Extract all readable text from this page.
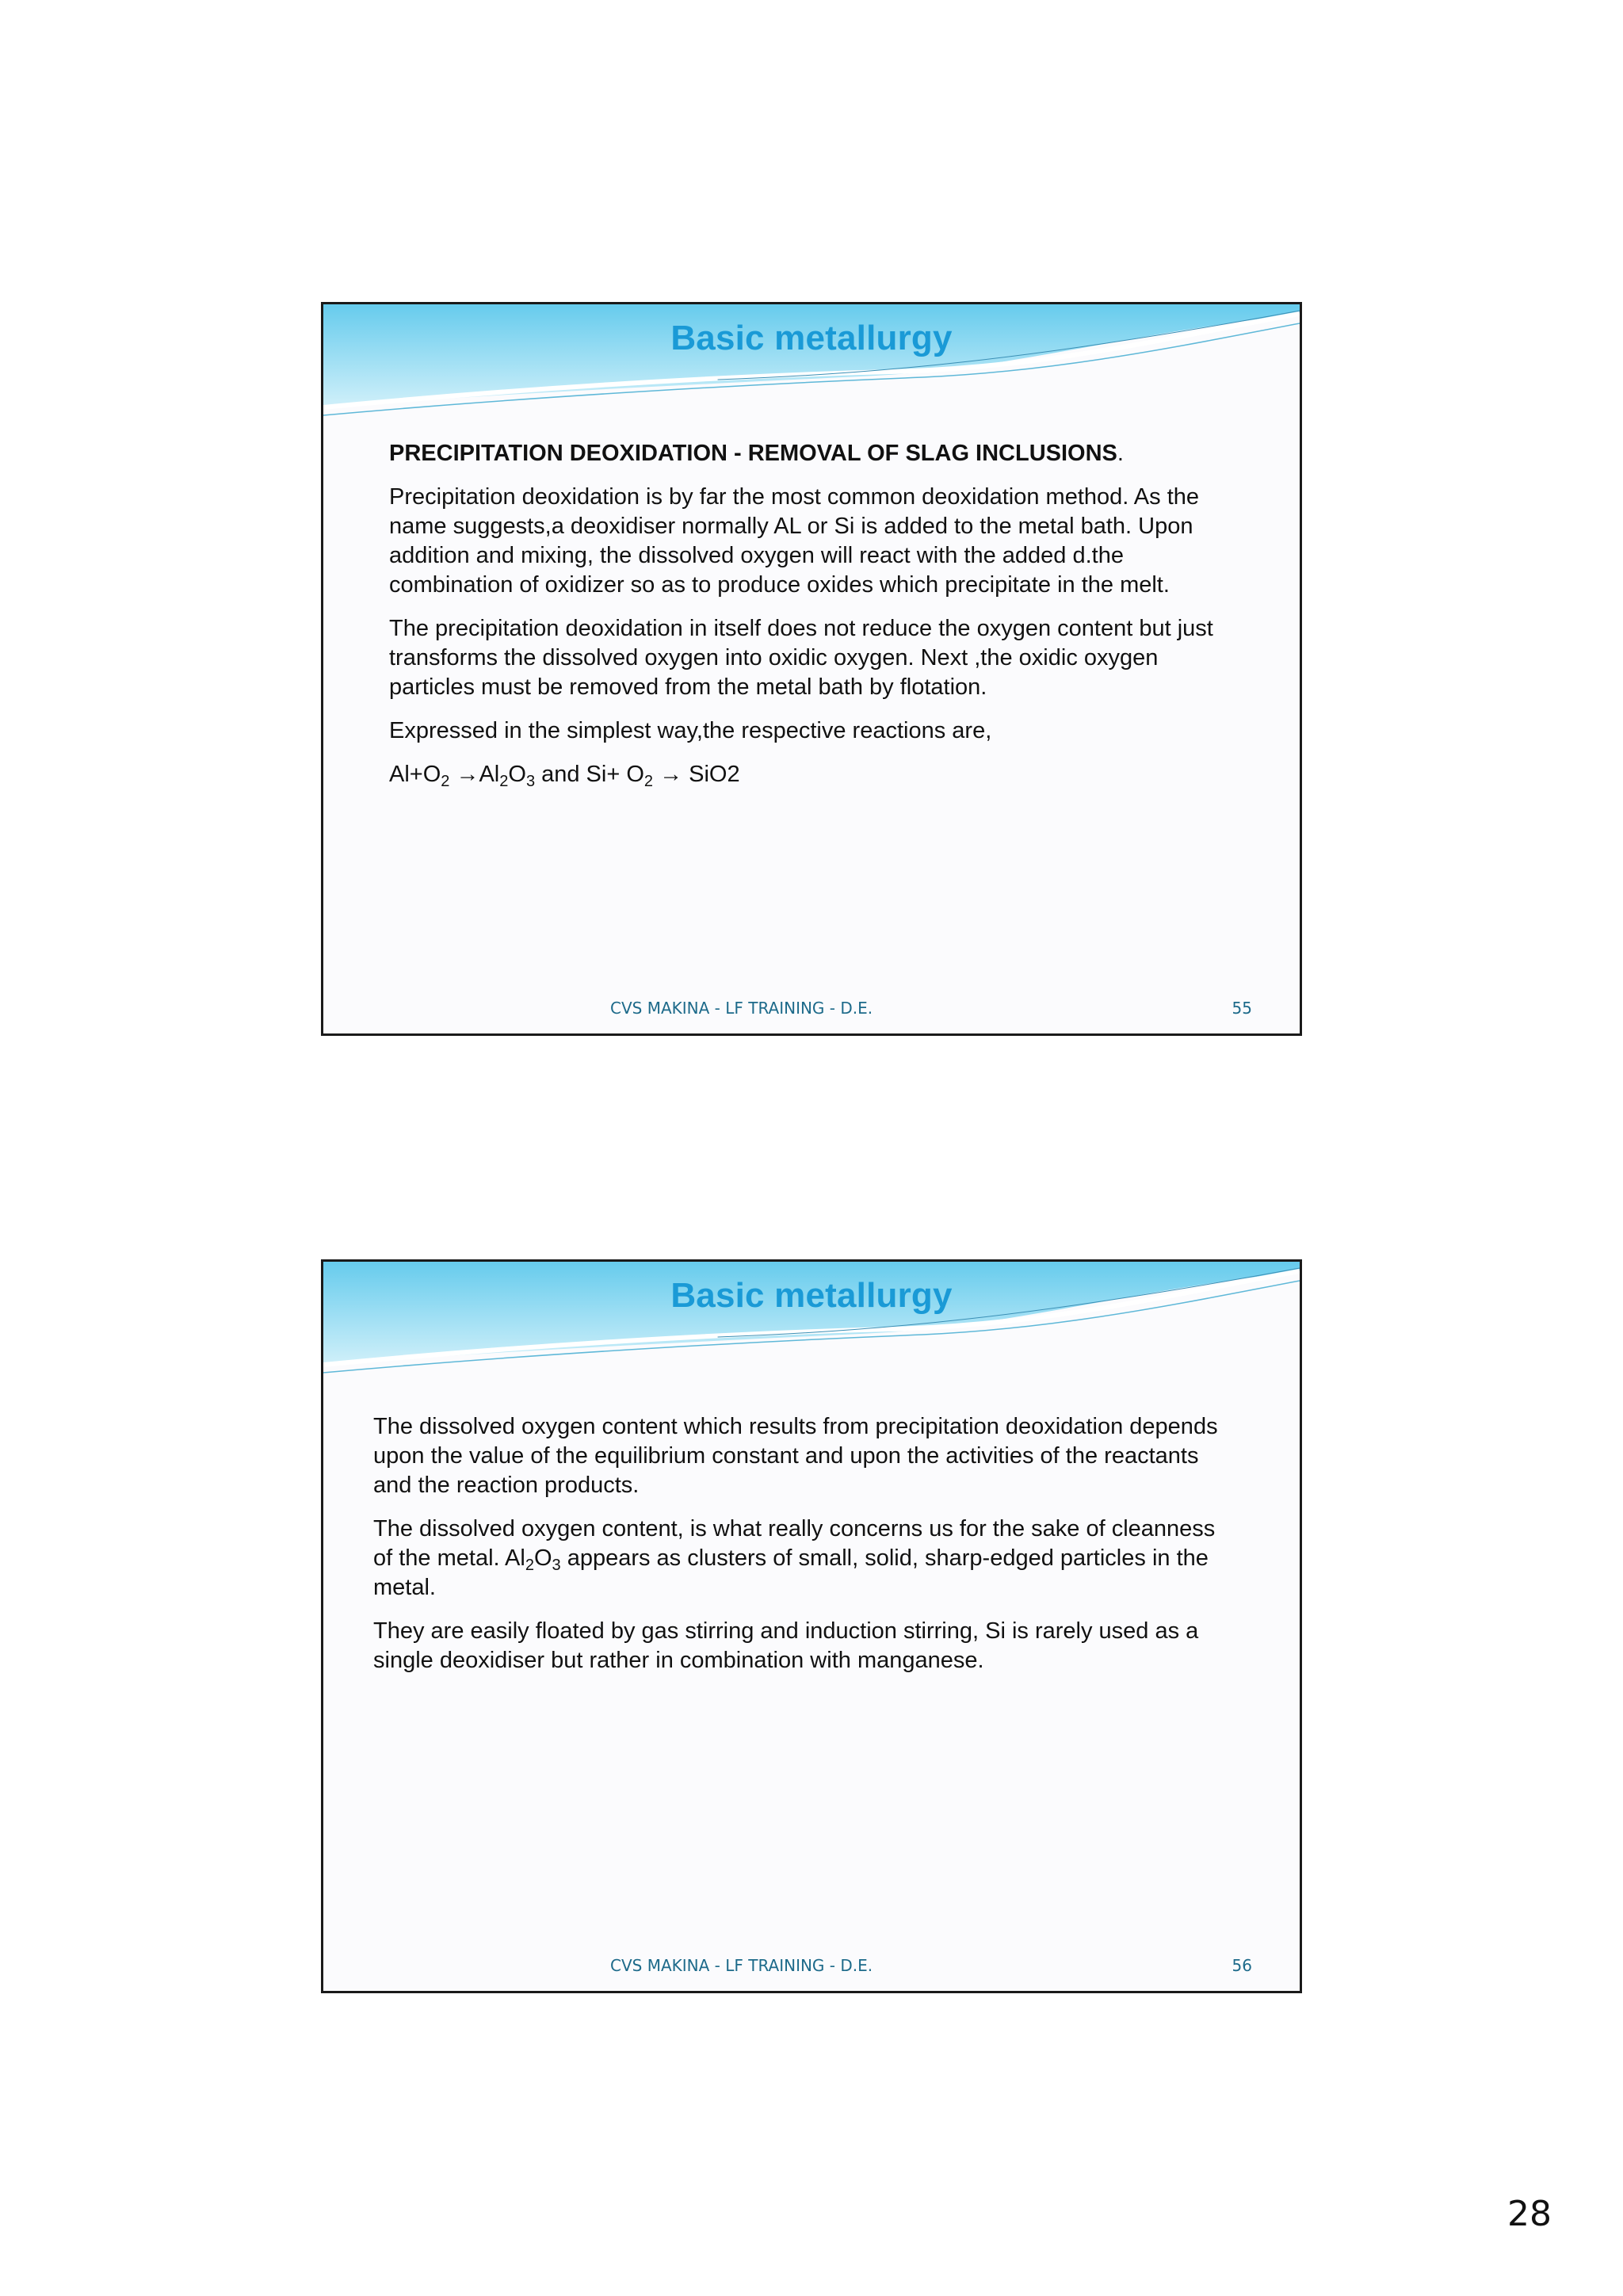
Basic metallurgy

PRECIPITATION DEOXIDATION - REMOVAL OF SLAG INCLUSIONS.

Precipitation deoxidation is by far the most common deoxidation method. As the name suggests,a deoxidiser normally AL or Si is added to the metal bath. Upon addition and mixing, the dissolved oxygen will react with the added d.the combination of oxidizer so as to produce oxides which precipitate in the melt.

The precipitation deoxidation in itself does not reduce the oxygen content but just transforms the dissolved oxygen into oxidic oxygen. Next ,the oxidic oxygen particles must be removed from the metal bath by flotation.

Expressed in the simplest way,the respective reactions are,

$Al+O_2 \to Al_2O_3$ and $Si+ O_2 \to SiO2$

CVS MAKINA - LF TRAINING - D.E.	55
Basic metallurgy

The dissolved oxygen content which results from precipitation deoxidation depends upon the value of the equilibrium constant and upon the activities of the reactants and the reaction products.

The dissolved oxygen content, is what really concerns us for the sake of cleanness of the metal. $Al_2O_3$ appears as clusters of small, solid, sharp-edged particles in the metal.

They are easily floated by gas stirring and induction stirring, Si is rarely used as a single deoxidiser but rather in combination with manganese.

CVS MAKINA - LF TRAINING - D.E.	56
28
